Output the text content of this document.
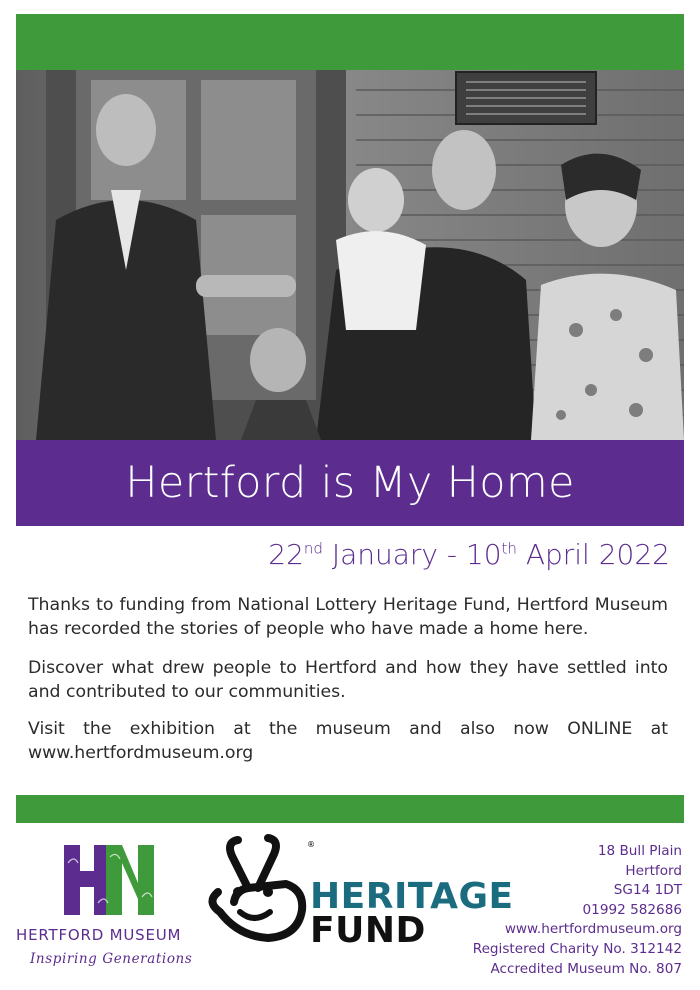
Hertford is My Home
22nd January - 10th April 2022

Thanks to funding from National Lottery Heritage Fund, Hertford Museum has recorded the stories of people who have made a home here.

Discover what drew people to Hertford and how they have settled into and contributed to our communities.

Visit the exhibition at the museum and also now ONLINE at www.hertfordmuseum.org

HERTFORD MUSEUM
Inspiring Generations
®
HERITAGE
FUND
18 Bull Plain
Hertford
SG14 1DT
01992 582686
www.hertfordmuseum.org
Registered Charity No. 312142
Accredited Museum No. 807
